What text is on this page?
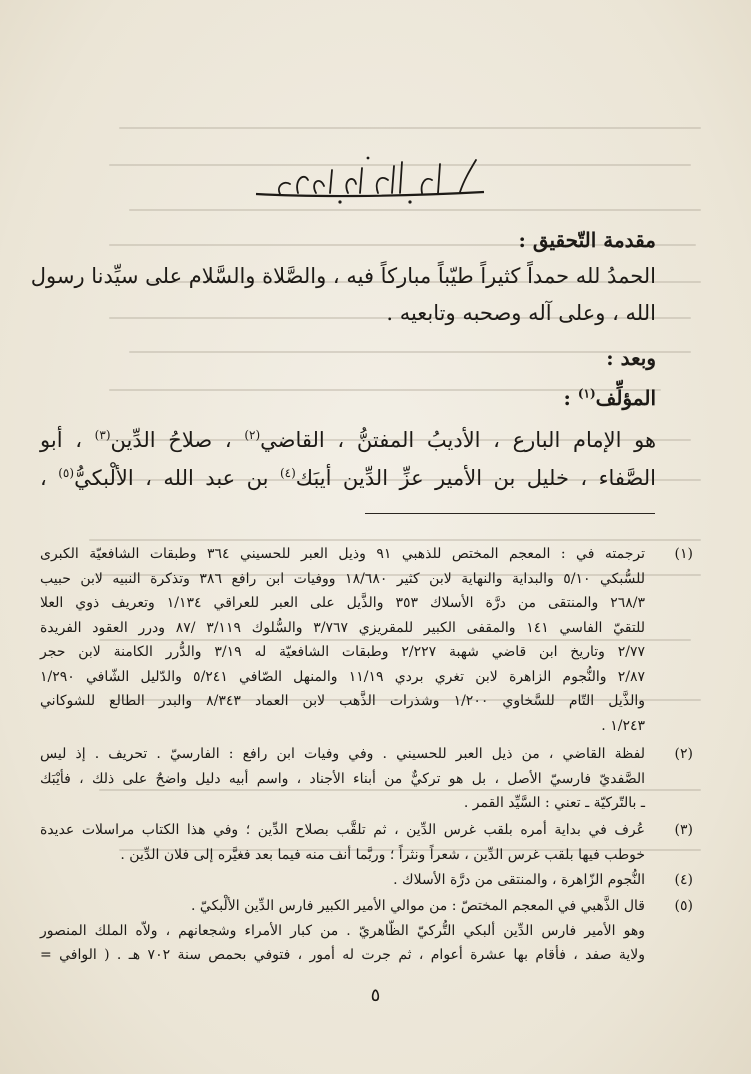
مقدمة التّحقيق :
الحمدُ لله حمداً كثيراً طيّباً مباركاً فيه ، والصَّلاة والسَّلام على سيِّدنا رسول
الله ، وعلى آله وصحبه وتابعيه .
وبعد :
المؤلِّف$^{(١)}$ :
هو الإمام البارع ، الأديبُ المفتنُّ ، القاضي$^{(٢)}$ ، صلاحُ الدِّين$^{(٣)}$ ، أبو
الصَّفاء ، خليل بن الأمير عزِّ الدِّين أيبَك$^{(٤)}$ بن عبد الله ، الألْبكيُّ$^{(٥)}$ ،
(١)
ترجمته في : المعجم المختص للذهبي ٩١ وذيل العبر للحسيني ٣٦٤ وطبقات الشافعيّة الكبرى
للسُّبكي ٥/١٠ والبداية والنهاية لابن كثير ١٨/٦٨٠ ووفيات ابن رافع ٣٨٦ وتذكرة النبيه لابن حبيب
٢٦٨/٣ والمنتقى من درَّة الأسلاك ٣٥٣ والذَّيل على العبر للعراقي ١/١٣٤ وتعريف ذوي العلا
للتقيّ الفاسي ١٤١ والمقفى الكبير للمقريزي ٣/٧٦٧ والسُّلوك ٣/١١٩ /٨٧ ودرر العقود الفريدة
٢/٧٧ وتاريخ ابن قاضي شهبة ٢/٢٢٧ وطبقات الشافعيّة له ٣/١٩ والدُّرر الكامنة لابن حجر
٢/٨٧ والنُّجوم الزاهرة لابن تغري بردي ١١/١٩ والمنهل الصّافي ٥/٢٤١ والدّليل الشّافي ١/٢٩٠
والذَّيل التّام للسَّخاوي ١/٢٠٠ وشذرات الذَّهب لابن العماد ٨/٣٤٣ والبدر الطالع للشوكاني
١/٢٤٣ .
(٢)
لفظة القاضي ، من ذيل العبر للحسيني . وفي وفيات ابن رافع : الفارسيّ . تحريف . إذ ليس
الصَّفديّ فارسيّ الأصل ، بل هو تركيٌّ من أبناء الأجناد ، واسم أبيه دليل واضحٌ على ذلك ، فأيْبَك
ـ بالتّركيّة ـ تعني : السَّيِّد القمر .
(٣)
عُرف في بداية أمره بلقب غرس الدِّين ، ثم تلقَّب بصلاح الدِّين ؛ وفي هذا الكتاب مراسلات عديدة
خوطب فيها بلقب غرس الدِّين ، شعراً ونثراً ؛ وربَّما أنف منه فيما بعد فغيَّره إلى فلان الدِّين .
(٤)
النُّجوم الزّاهرة ، والمنتقى من درَّة الأسلاك .
(٥)
قال الذَّهبي في المعجم المختصّ : من موالي الأمير الكبير فارس الدِّين الألْبكيّ .
وهو الأمير فارس الدِّين ألبكي التُّركيّ الظّاهريّ . من كبار الأمراء وشجعانهم ، ولاّه الملك المنصور
ولاية صفد ، فأقام بها عشرة أعوام ، ثم جرت له أمور ، فتوفي بحمص سنة ٧٠٢ هـ . ( الوافي =
٥
